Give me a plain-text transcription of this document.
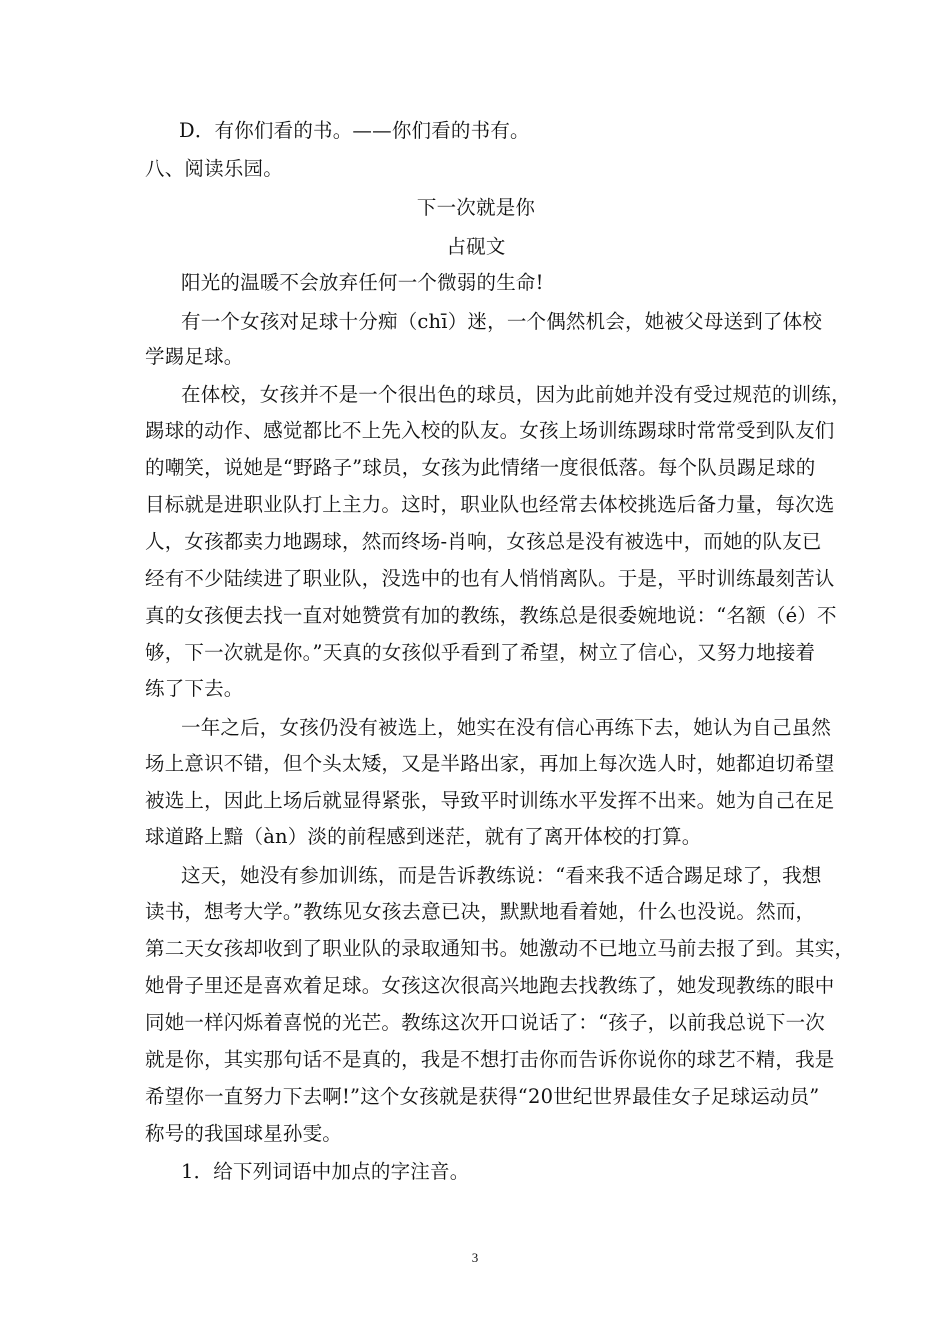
D．有你们看的书。——你们看的书有。
八、阅读乐园。
下一次就是你
占砚文
阳光的温暖不会放弃任何一个微弱的生命!
有一个女孩对足球十分痴（chī）迷，一个偶然机会，她被父母送到了体校
学踢足球。
在体校，女孩并不是一个很出色的球员，因为此前她并没有受过规范的训练，
踢球的动作、感觉都比不上先入校的队友。女孩上场训练踢球时常常受到队友们
的嘲笑，说她是“野路子”球员，女孩为此情绪一度很低落。每个队员踢足球的
目标就是进职业队打上主力。这时，职业队也经常去体校挑选后备力量，每次选
人，女孩都卖力地踢球，然而终场-肖响，女孩总是没有被选中，而她的队友已
经有不少陆续进了职业队，没选中的也有人悄悄离队。于是，平时训练最刻苦认
真的女孩便去找一直对她赞赏有加的教练，教练总是很委婉地说：“名额（é）不
够，下一次就是你。”天真的女孩似乎看到了希望，树立了信心，又努力地接着
练了下去。
一年之后，女孩仍没有被选上，她实在没有信心再练下去，她认为自己虽然
场上意识不错，但个头太矮，又是半路出家，再加上每次选人时，她都迫切希望
被选上，因此上场后就显得紧张，导致平时训练水平发挥不出来。她为自己在足
球道路上黯（àn）淡的前程感到迷茫，就有了离开体校的打算。
这天，她没有参加训练，而是告诉教练说：“看来我不适合踢足球了，我想
读书，想考大学。”教练见女孩去意已决，默默地看着她，什么也没说。然而，
第二天女孩却收到了职业队的录取通知书。她激动不已地立马前去报了到。其实，
她骨子里还是喜欢着足球。女孩这次很高兴地跑去找教练了，她发现教练的眼中
同她一样闪烁着喜悦的光芒。教练这次开口说话了：“孩子，以前我总说下一次
就是你，其实那句话不是真的，我是不想打击你而告诉你说你的球艺不精，我是
希望你一直努力下去啊!”这个女孩就是获得“20世纪世界最佳女子足球运动员”
称号的我国球星孙雯。
1．给下列词语中加点的字注音。
3
